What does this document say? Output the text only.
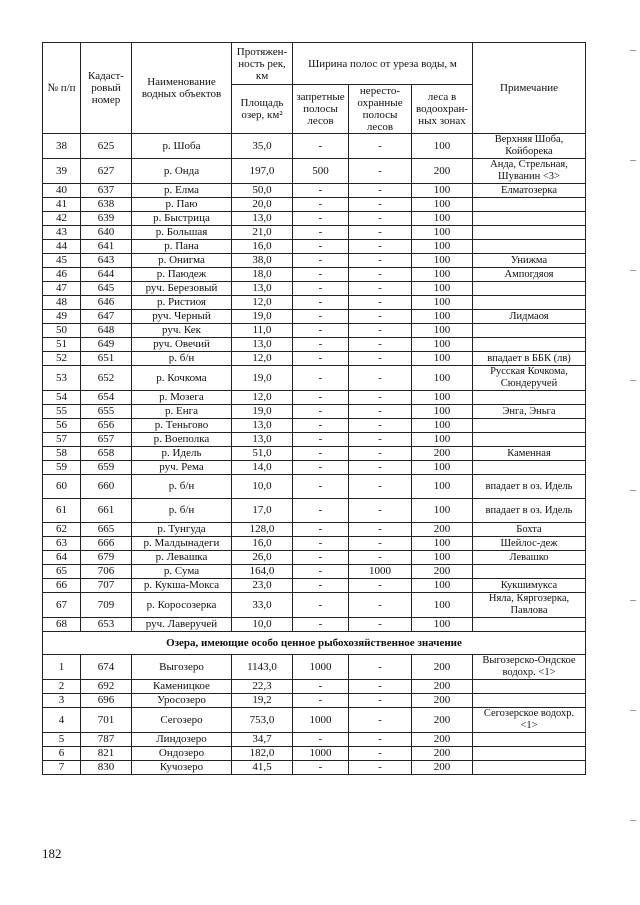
№ п/п	Кадаст-ровый номер	Наименование водных объектов	Протяжен-ность рек, км	Ширина полос от уреза воды, м			Примечание
			Площадь озер, км²	запретные полосы лесов	нересто-охранные полосы лесов	леса в водоохран-ных зонах	

38	625	р. Шоба	35,0	-	-	100	Верхняя Шоба, Койборека
39	627	р. Онда	197,0	500	-	200	Анда, Стрельная, Шуванин <3>
40	637	р. Елма	50,0	-	-	100	Елматозерка
41	638	р. Паю	20,0	-	-	100	
42	639	р. Быстрица	13,0	-	-	100	
43	640	р. Большая	21,0	-	-	100	
44	641	р. Пана	16,0	-	-	100	
45	643	р. Онигма	38,0	-	-	100	Унижма
46	644	р. Паюдеж	18,0	-	-	100	Ампогдяоя
47	645	руч. Березовый	13,0	-	-	100	
48	646	р. Ристиоя	12,0	-	-	100	
49	647	руч. Черный	19,0	-	-	100	Лидмаоя
50	648	руч. Кек	11,0	-	-	100	
51	649	руч. Овечий	13,0	-	-	100	
52	651	р. б/н	12,0	-	-	100	впадает в ББК (лв)
53	652	р. Кочкома	19,0	-	-	100	Русская Кочкома, Сюндеручей
54	654	р. Мозега	12,0	-	-	100	
55	655	р. Енга	19,0	-	-	100	Энга, Эньга
56	656	р. Теньгово	13,0	-	-	100	
57	657	р. Воеполка	13,0	-	-	100	
58	658	р. Идель	51,0	-	-	200	Каменная
59	659	руч. Рема	14,0	-	-	100	
60	660	р. б/н	10,0	-	-	100	впадает в оз. Идель
61	661	р. б/н	17,0	-	-	100	впадает в оз. Идель
62	665	р. Тунгуда	128,0	-	-	200	Бохта
63	666	р. Малдынадеги	16,0	-	-	100	Шейлос-деж
64	679	р. Левашка	26,0	-	-	100	Левашко
65	706	р. Сума	164,0	-	1000	200	
66	707	р. Кукша-Мокса	23,0	-	-	100	Кукшимукса
67	709	р. Коросозерка	33,0	-	-	100	Няла, Кяргозерка, Павлова
68	653	руч. Лаверучей	10,0	-	-	100	
Озера, имеющие особо ценное рыбохозяйственное значение							
1	674	Выгозеро	1143,0	1000	-	200	Выгозерско-Ондское водохр. <1>
2	692	Каменицкое	22,3	-	-	200	
3	696	Уросозеро	19,2	-	-	200	
4	701	Сегозеро	753,0	1000	-	200	Сегозерское водохр. <1>
5	787	Линдозеро	34,7	-	-	200	
6	821	Ондозеро	182,0	1000	-	200	
7	830	Кучозеро	41,5	-	-	200	
182
